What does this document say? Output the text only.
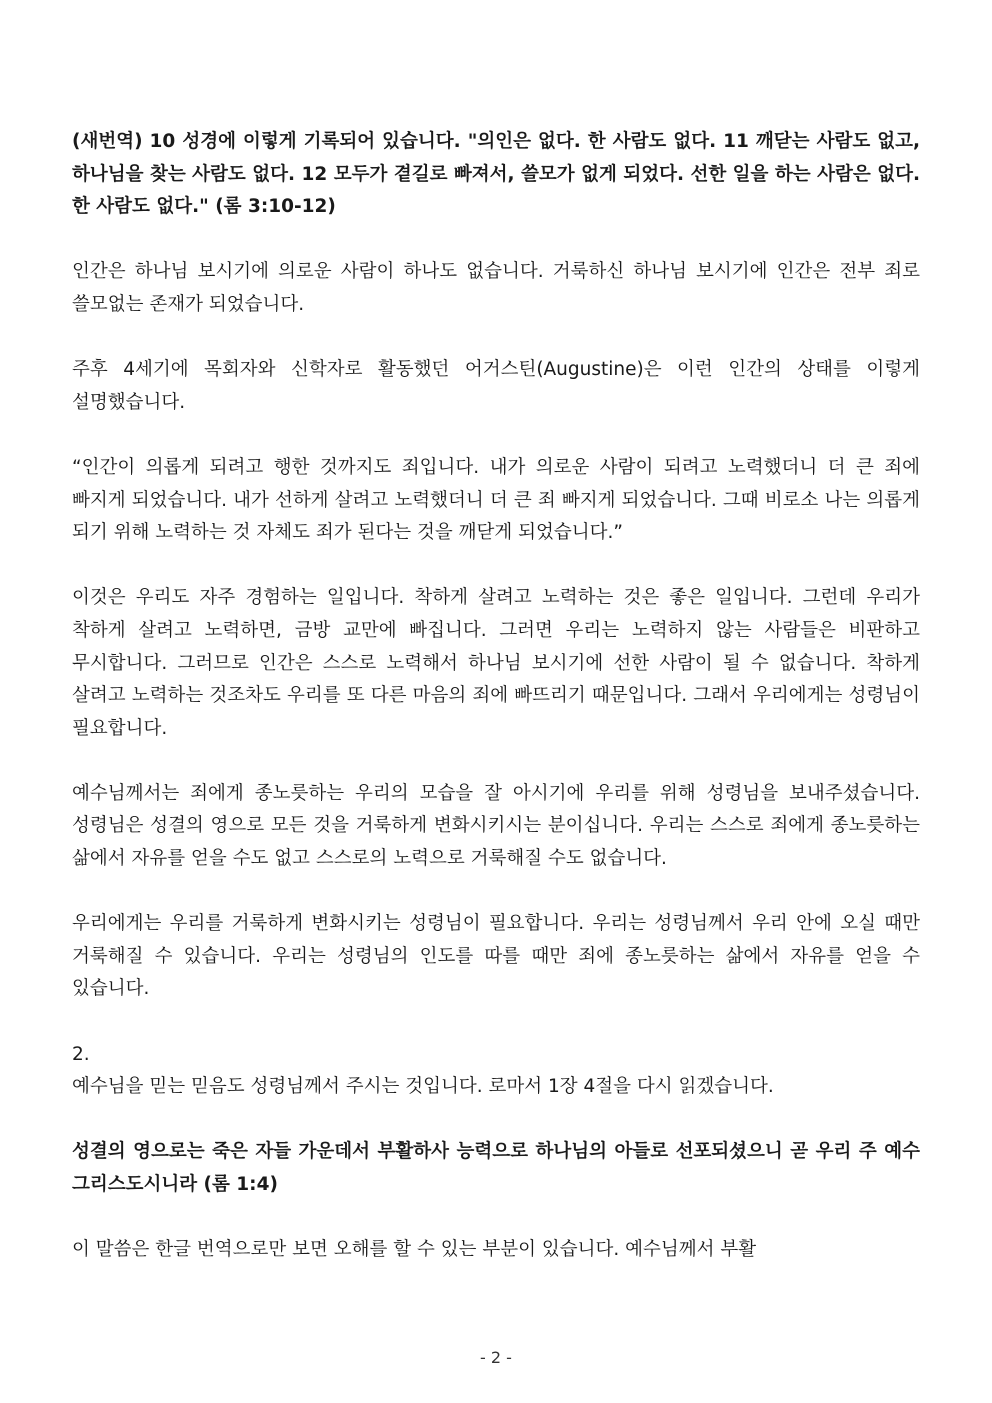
(새번역) 10 성경에 이렇게 기록되어 있습니다. "의인은 없다. 한 사람도 없다. 11 깨닫는 사람도 없고, 하나님을 찾는 사람도 없다. 12 모두가 곁길로 빠져서, 쓸모가 없게 되었다. 선한 일을 하는 사람은 없다. 한 사람도 없다." (롬 3:10-12)

인간은 하나님 보시기에 의로운 사람이 하나도 없습니다. 거룩하신 하나님 보시기에 인간은 전부 죄로 쓸모없는 존재가 되었습니다.

주후 4세기에 목회자와 신학자로 활동했던 어거스틴(Augustine)은 이런 인간의 상태를 이렇게 설명했습니다.

“인간이 의롭게 되려고 행한 것까지도 죄입니다. 내가 의로운 사람이 되려고 노력했더니 더 큰 죄에 빠지게 되었습니다. 내가 선하게 살려고 노력했더니 더 큰 죄 빠지게 되었습니다. 그때 비로소 나는 의롭게 되기 위해 노력하는 것 자체도 죄가 된다는 것을 깨닫게 되었습니다.”

이것은 우리도 자주 경험하는 일입니다. 착하게 살려고 노력하는 것은 좋은 일입니다. 그런데 우리가 착하게 살려고 노력하면, 금방 교만에 빠집니다. 그러면 우리는 노력하지 않는 사람들은 비판하고 무시합니다. 그러므로 인간은 스스로 노력해서 하나님 보시기에 선한 사람이 될 수 없습니다. 착하게 살려고 노력하는 것조차도 우리를 또 다른 마음의 죄에 빠뜨리기 때문입니다. 그래서 우리에게는 성령님이 필요합니다.

예수님께서는 죄에게 종노릇하는 우리의 모습을 잘 아시기에 우리를 위해 성령님을 보내주셨습니다. 성령님은 성결의 영으로 모든 것을 거룩하게 변화시키시는 분이십니다. 우리는 스스로 죄에게 종노릇하는 삶에서 자유를 얻을 수도 없고 스스로의 노력으로 거룩해질 수도 없습니다.

우리에게는 우리를 거룩하게 변화시키는 성령님이 필요합니다. 우리는 성령님께서 우리 안에 오실 때만 거룩해질 수 있습니다. 우리는 성령님의 인도를 따를 때만 죄에 종노릇하는 삶에서 자유를 얻을 수 있습니다.

2.

예수님을 믿는 믿음도 성령님께서 주시는 것입니다. 로마서 1장 4절을 다시 읽겠습니다.

성결의 영으로는 죽은 자들 가운데서 부활하사 능력으로 하나님의 아들로 선포되셨으니 곧 우리 주 예수 그리스도시니라 (롬 1:4)

이 말씀은 한글 번역으로만 보면 오해를 할 수 있는 부분이 있습니다. 예수님께서 부활

- 2 -
